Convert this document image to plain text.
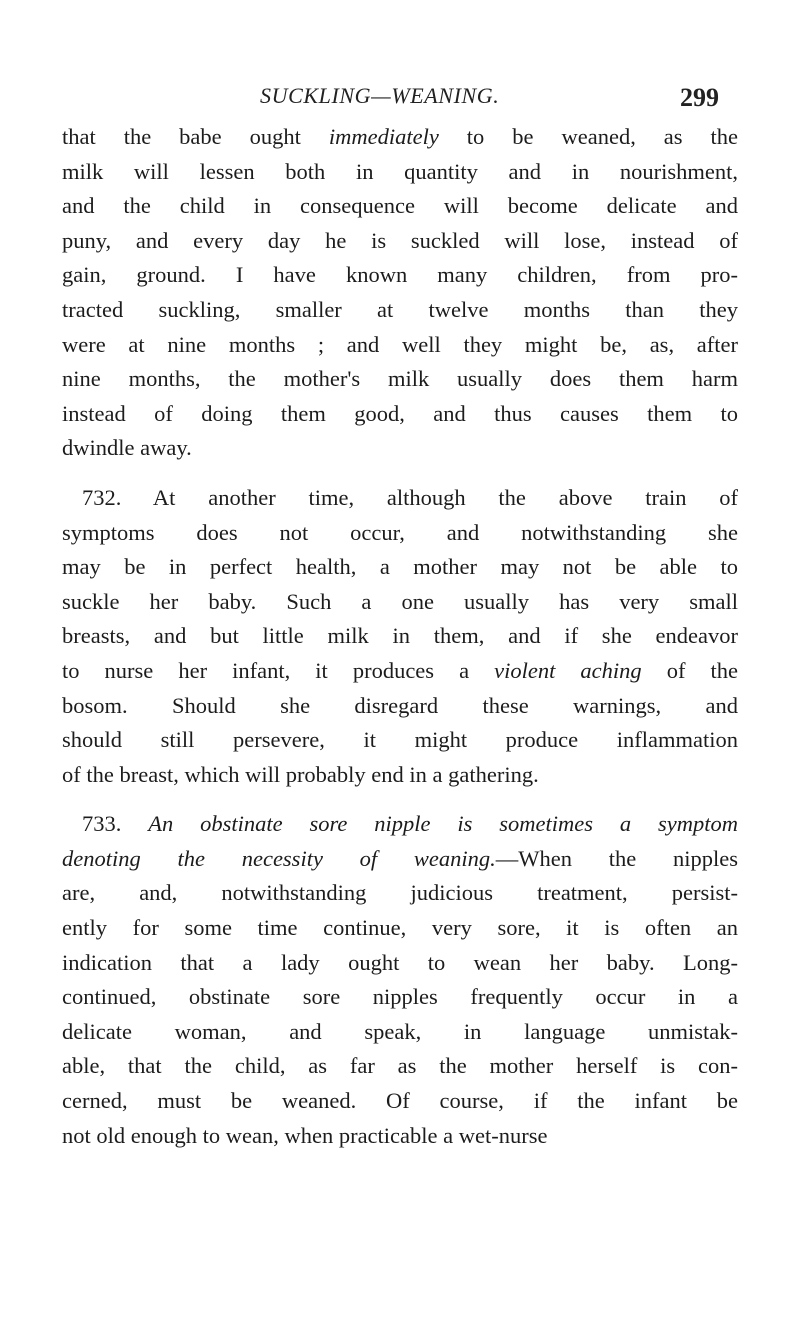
SUCKLING—WEANING.	299
that the babe ought immediately to be weaned, as the
milk will lessen both in quantity and in nourishment,
and the child in consequence will become delicate and
puny, and every day he is suckled will lose, instead of
gain, ground. I have known many children, from pro-
tracted suckling, smaller at twelve months than they
were at nine months ; and well they might be, as, after
nine months, the mother's milk usually does them harm
instead of doing them good, and thus causes them to
dwindle away.
732. At another time, although the above train of
symptoms does not occur, and notwithstanding she
may be in perfect health, a mother may not be able to
suckle her baby. Such a one usually has very small
breasts, and but little milk in them, and if she endeavor
to nurse her infant, it produces a violent aching of the
bosom. Should she disregard these warnings, and
should still persevere, it might produce inflammation
of the breast, which will probably end in a gathering.
733. An obstinate sore nipple is sometimes a symptom
denoting the necessity of weaning.—When the nipples
are, and, notwithstanding judicious treatment, persist-
ently for some time continue, very sore, it is often an
indication that a lady ought to wean her baby. Long-
continued, obstinate sore nipples frequently occur in a
delicate woman, and speak, in language unmistak-
able, that the child, as far as the mother herself is con-
cerned, must be weaned. Of course, if the infant be
not old enough to wean, when practicable a wet-nurse
